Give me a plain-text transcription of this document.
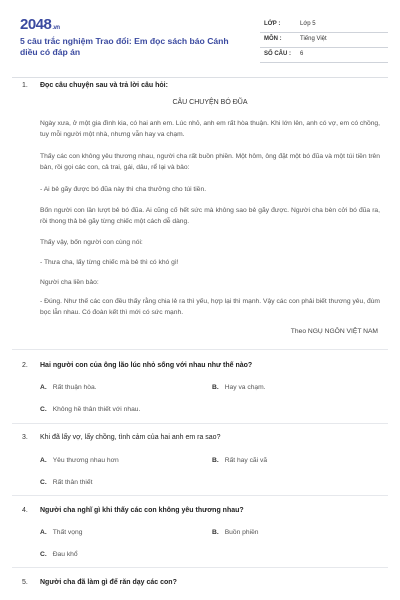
2048.vn
5 câu trắc nghiệm Trao đổi: Em đọc sách báo Cánh diều có đáp án
LỚP :	Lớp 5
MÔN :	Tiếng Việt
SỐ CÂU : 6
1. Đọc câu chuyện sau và trả lời câu hỏi:
CÂU CHUYỆN BÓ ĐŨA
Ngày xưa, ở một gia đình kia, có hai anh em. Lúc nhỏ, anh em rất hòa thuận. Khi lớn lên, anh có vợ, em có chồng, tuy mỗi người một nhà, nhưng vẫn hay va chạm.
Thấy các con không yêu thương nhau, người cha rất buồn phiền. Một hôm, ông đặt một bó đũa và một túi tiền trên bàn, rồi gọi các con, cả trai, gái, dâu, rể lại và bảo:
- Ai bẻ gãy được bó đũa này thì cha thưởng cho túi tiền.
Bốn người con lần lượt bẻ bó đũa. Ai cũng cố hết sức mà không sao bẻ gãy được. Người cha bèn cởi bó đũa ra, rồi thong thả bẻ gãy từng chiếc một cách dễ dàng.
Thấy vậy, bốn người con cùng nói:
- Thưa cha, lấy từng chiếc mà bẻ thì có khó gì!
Người cha liền bảo:
- Đúng. Như thế các con đều thấy rằng chia lẻ ra thì yếu, hợp lại thì mạnh. Vậy các con phải biết thương yêu, đùm bọc lẫn nhau. Có đoàn kết thì mới có sức mạnh.
Theo NGỤ NGÔN VIỆT NAM
2. Hai người con của ông lão lúc nhỏ sống với nhau như thế nào?
A. Rất thuận hòa.	B. Hay va chạm.
C. Không hề thân thiết với nhau.
3. Khi đã lấy vợ, lấy chồng, tình cảm của hai anh em ra sao?
A. Yêu thương nhau hơn	B. Rất hay cãi vã
C. Rất thân thiết
4. Người cha nghĩ gì khi thấy các con không yêu thương nhau?
A. Thất vọng	B. Buồn phiền
C. Đau khổ
5. Người cha đã làm gì để răn dạy các con?
